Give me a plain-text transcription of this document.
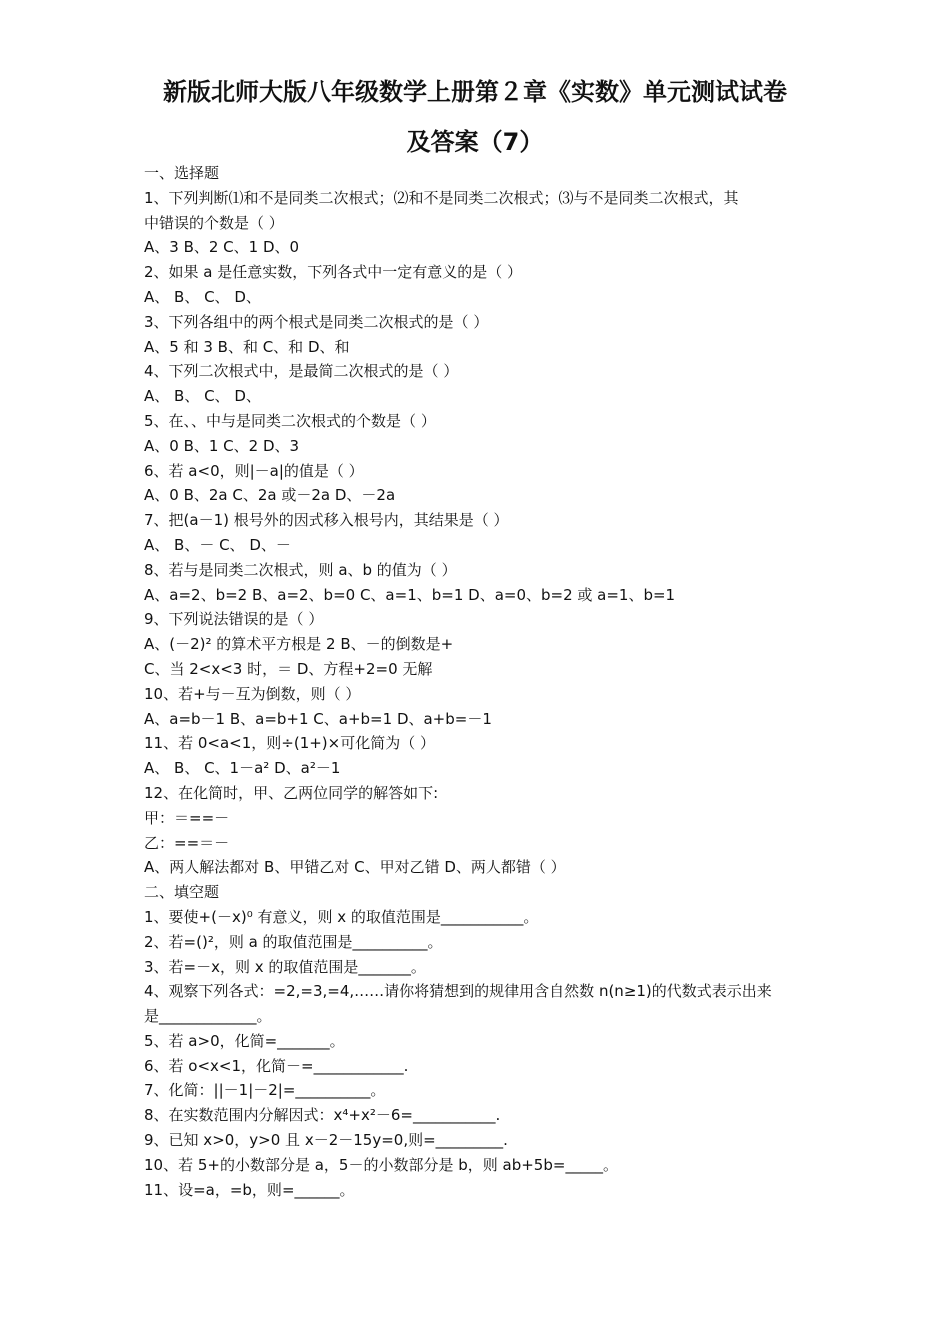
新版北师大版八年级数学上册第２章《实数》单元测试试卷
及答案（7）
一、选择题
1、下列判断⑴和不是同类二次根式；⑵和不是同类二次根式；⑶与不是同类二次根式，其
中错误的个数是（ ）
A、3 B、2 C、1 D、0
2、如果 a 是任意实数，下列各式中一定有意义的是（ ）
A、 B、 C、 D、
3、下列各组中的两个根式是同类二次根式的是（ ）
A、5 和 3 B、和 C、和 D、和
4、下列二次根式中，是最简二次根式的是（ ）
A、 B、 C、 D、
5、在、、中与是同类二次根式的个数是（ ）
A、0 B、1 C、2 D、3
6、若 a<0，则|－a|的值是（ ）
A、0 B、2a C、2a 或－2a D、－2a
7、把(a－1) 根号外的因式移入根号内，其结果是（ ）
A、 B、－ C、 D、－
8、若与是同类二次根式，则 a、b 的值为（ ）
A、a=2、b=2 B、a=2、b=0 C、a=1、b=1 D、a=0、b=2 或 a=1、b=1
9、下列说法错误的是（ ）
A、(－2)² 的算术平方根是 2 B、－的倒数是+
C、当 2<x<3 时，＝ D、方程+2=0 无解
10、若+与－互为倒数，则（ ）
A、a=b－1 B、a=b+1 C、a+b=1 D、a+b=－1
11、若 0<a<1，则÷(1+)×可化简为（ ）
A、 B、 C、1－a² D、a²－1
12、在化简时，甲、乙两位同学的解答如下:
甲：＝==－
乙：==＝－
A、两人解法都对 B、甲错乙对 C、甲对乙错 D、两人都错（ ）
二、填空题
1、要使+(－x)⁰ 有意义，则 x 的取值范围是___________。
2、若=()²，则 a 的取值范围是__________。
3、若=－x，则 x 的取值范围是_______。
4、观察下列各式：=2,=3,=4,……请你将猜想到的规律用含自然数 n(n≥1)的代数式表示出来
是_____________。
5、若 a>0，化简=_______。
6、若 o<x<1，化简－=____________.
7、化简：||－1|－2|=__________。
8、在实数范围内分解因式：x⁴+x²－6=___________.
9、已知 x>0，y>0 且 x－2－15y=0,则=_________.
10、若 5+的小数部分是 a，5－的小数部分是 b，则 ab+5b=_____。
11、设=a，=b，则=______。
